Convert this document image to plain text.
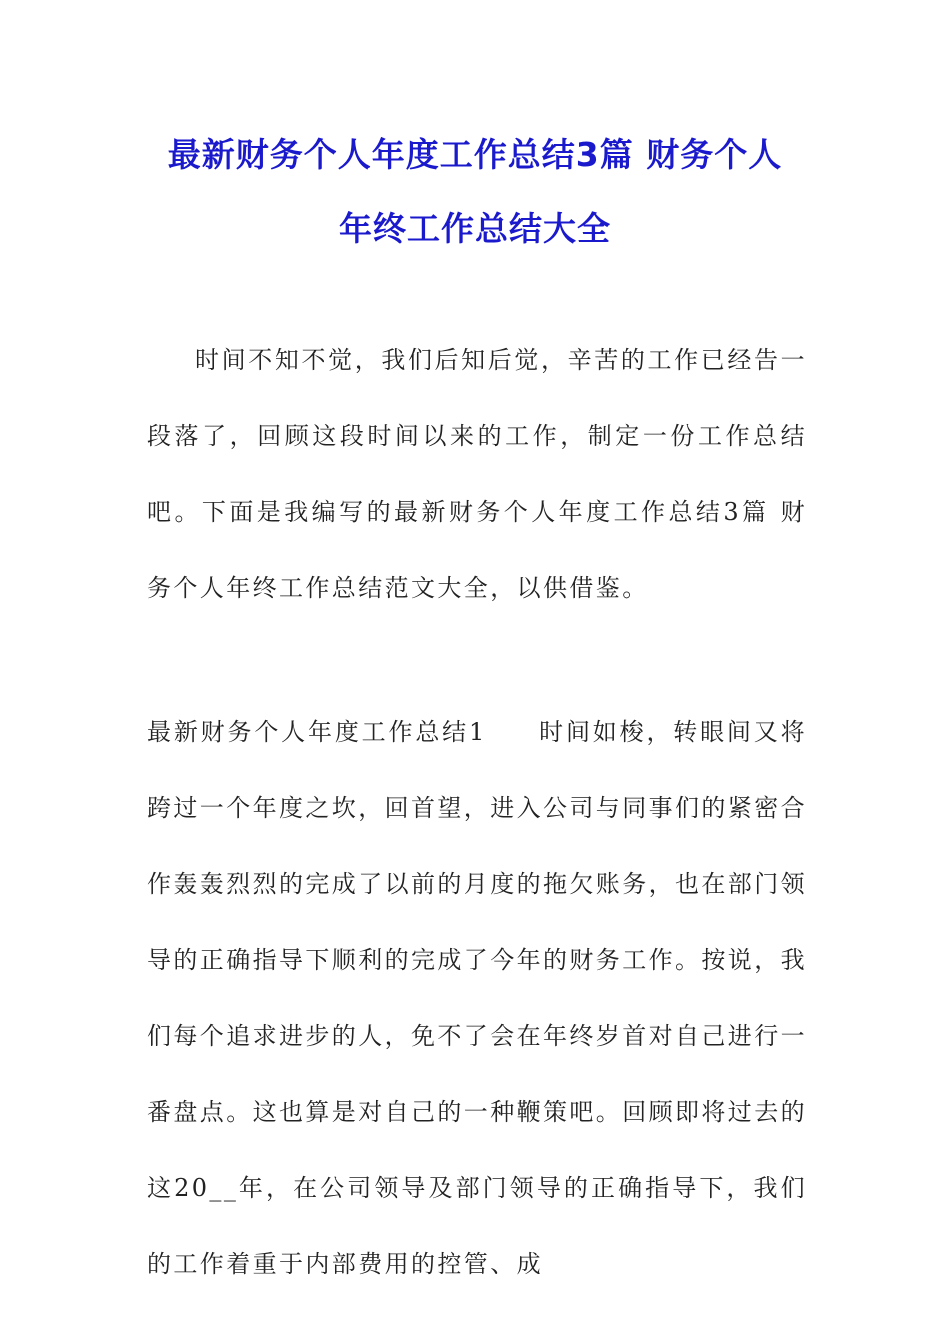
最新财务个人年度工作总结3篇 财务个人
年终工作总结大全

时间不知不觉，我们后知后觉，辛苦的工作已经告一段落了，回顾这段时间以来的工作，制定一份工作总结吧。下面是我编写的最新财务个人年度工作总结3篇 财务个人年终工作总结范文大全，以供借鉴。

最新财务个人年度工作总结1 时间如梭，转眼间又将跨过一个年度之坎，回首望，进入公司与同事们的紧密合作轰轰烈烈的完成了以前的月度的拖欠账务，也在部门领导的正确指导下顺利的完成了今年的财务工作。按说，我们每个追求进步的人，免不了会在年终岁首对自己进行一番盘点。这也算是对自己的一种鞭策吧。回顾即将过去的这20__年，在公司领导及部门领导的正确指导下，我们的工作着重于内部费用的控管、成
